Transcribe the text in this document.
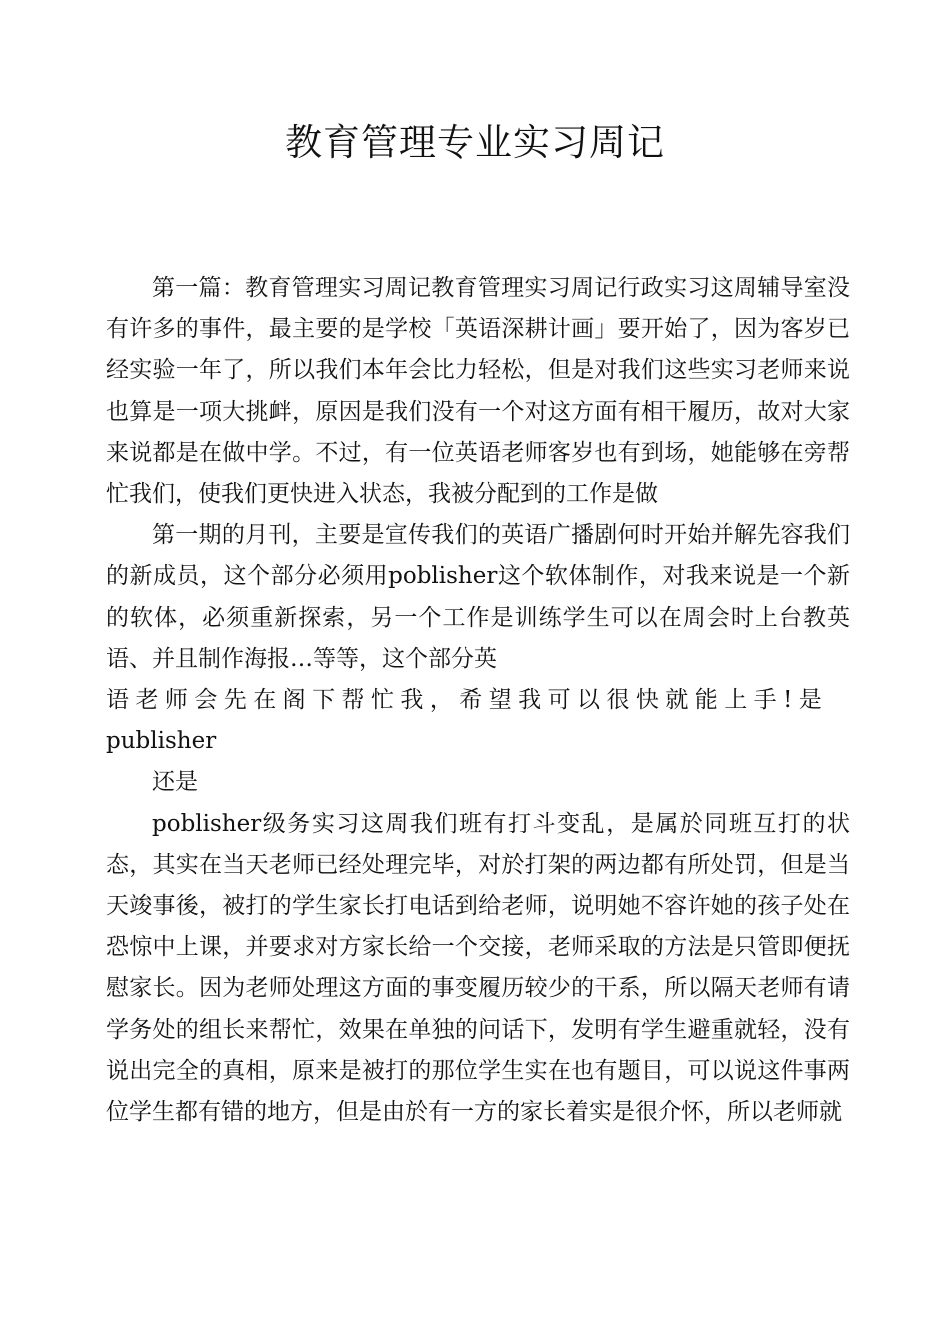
教育管理专业实习周记

第一篇：教育管理实习周记教育管理实习周记行政实习这周辅导室没有许多的事件，最主要的是学校「英语深耕计画」要开始了，因为客岁已经实验一年了，所以我们本年会比力轻松，但是对我们这些实习老师来说也算是一项大挑衅，原因是我们没有一个对这方面有相干履历，故对大家来说都是在做中学。不过，有一位英语老师客岁也有到场，她能够在旁帮忙我们，使我们更快进入状态，我被分配到的工作是做

第一期的月刊，主要是宣传我们的英语广播剧何时开始并解先容我们的新成员，这个部分必须用poblisher这个软体制作，对我来说是一个新的软体，必须重新探索，另一个工作是训练学生可以在周会时上台教英语、并且制作海报…等等，这个部分英

语老师会先在阁下帮忙我，希望我可以很快就能上手!是

publisher

还是

poblisher级务实习这周我们班有打斗变乱，是属於同班互打的状态，其实在当天老师已经处理完毕，对於打架的两边都有所处罚，但是当天竣事後，被打的学生家长打电话到给老师，说明她不容许她的孩子处在恐惊中上课，并要求对方家长给一个交接，老师采取的方法是只管即便抚慰家长。因为老师处理这方面的事变履历较少的干系，所以隔天老师有请学务处的组长来帮忙，效果在单独的问话下，发明有学生避重就轻，没有说出完全的真相，原来是被打的那位学生实在也有题目，可以说这件事两位学生都有错的地方，但是由於有一方的家长着实是很介怀，所以老师就
